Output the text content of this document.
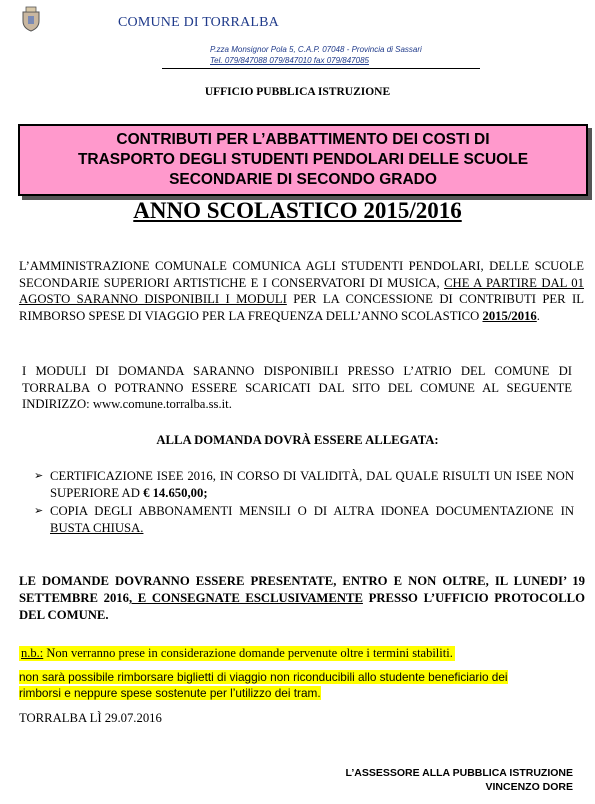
COMUNE DI TORRALBA
P.zza Monsignor Pola 5, C.A.P. 07048 - Provincia di Sassari
Tel. 079/847088 079/847010 fax 079/847085
UFFICIO PUBBLICA ISTRUZIONE
CONTRIBUTI PER L’ABBATTIMENTO DEI COSTI DI
TRASPORTO DEGLI STUDENTI PENDOLARI DELLE SCUOLE
SECONDARIE DI SECONDO GRADO
ANNO SCOLASTICO 2015/2016
L’AMMINISTRAZIONE COMUNALE COMUNICA AGLI STUDENTI PENDOLARI, DELLE SCUOLE SECONDARIE SUPERIORI ARTISTICHE E I CONSERVATORI DI MUSICA, CHE A PARTIRE DAL 01 AGOSTO SARANNO DISPONIBILI I MODULI PER LA CONCESSIONE DI CONTRIBUTI PER IL RIMBORSO SPESE DI VIAGGIO PER LA FREQUENZA DELL’ANNO SCOLASTICO 2015/2016.
I MODULI DI DOMANDA SARANNO DISPONIBILI PRESSO L’ATRIO DEL COMUNE DI TORRALBA O POTRANNO ESSERE SCARICATI DAL SITO DEL COMUNE AL SEGUENTE INDIRIZZO: www.comune.torralba.ss.it.
ALLA DOMANDA DOVRÀ ESSERE ALLEGATA:
➢ CERTIFICAZIONE ISEE 2016, IN CORSO DI VALIDITÀ, DAL QUALE RISULTI UN ISEE NON SUPERIORE AD € 14.650,00;
➢ COPIA DEGLI ABBONAMENTI MENSILI O DI ALTRA IDONEA DOCUMENTAZIONE IN BUSTA CHIUSA.
LE DOMANDE DOVRANNO ESSERE PRESENTATE, ENTRO E NON OLTRE, IL LUNEDI’ 19 SETTEMBRE 2016, E CONSEGNATE ESCLUSIVAMENTE PRESSO L’UFFICIO PROTOCOLLO DEL COMUNE.
n.b.: Non verranno prese in considerazione domande pervenute oltre i termini stabiliti.
non sarà possibile rimborsare biglietti di viaggio non riconducibili allo studente beneficiario dei rimborsi e neppure spese sostenute per l’utilizzo dei tram.
TORRALBA LÌ 29.07.2016
L’ASSESSORE ALLA PUBBLICA ISTRUZIONE
VINCENZO DORE
